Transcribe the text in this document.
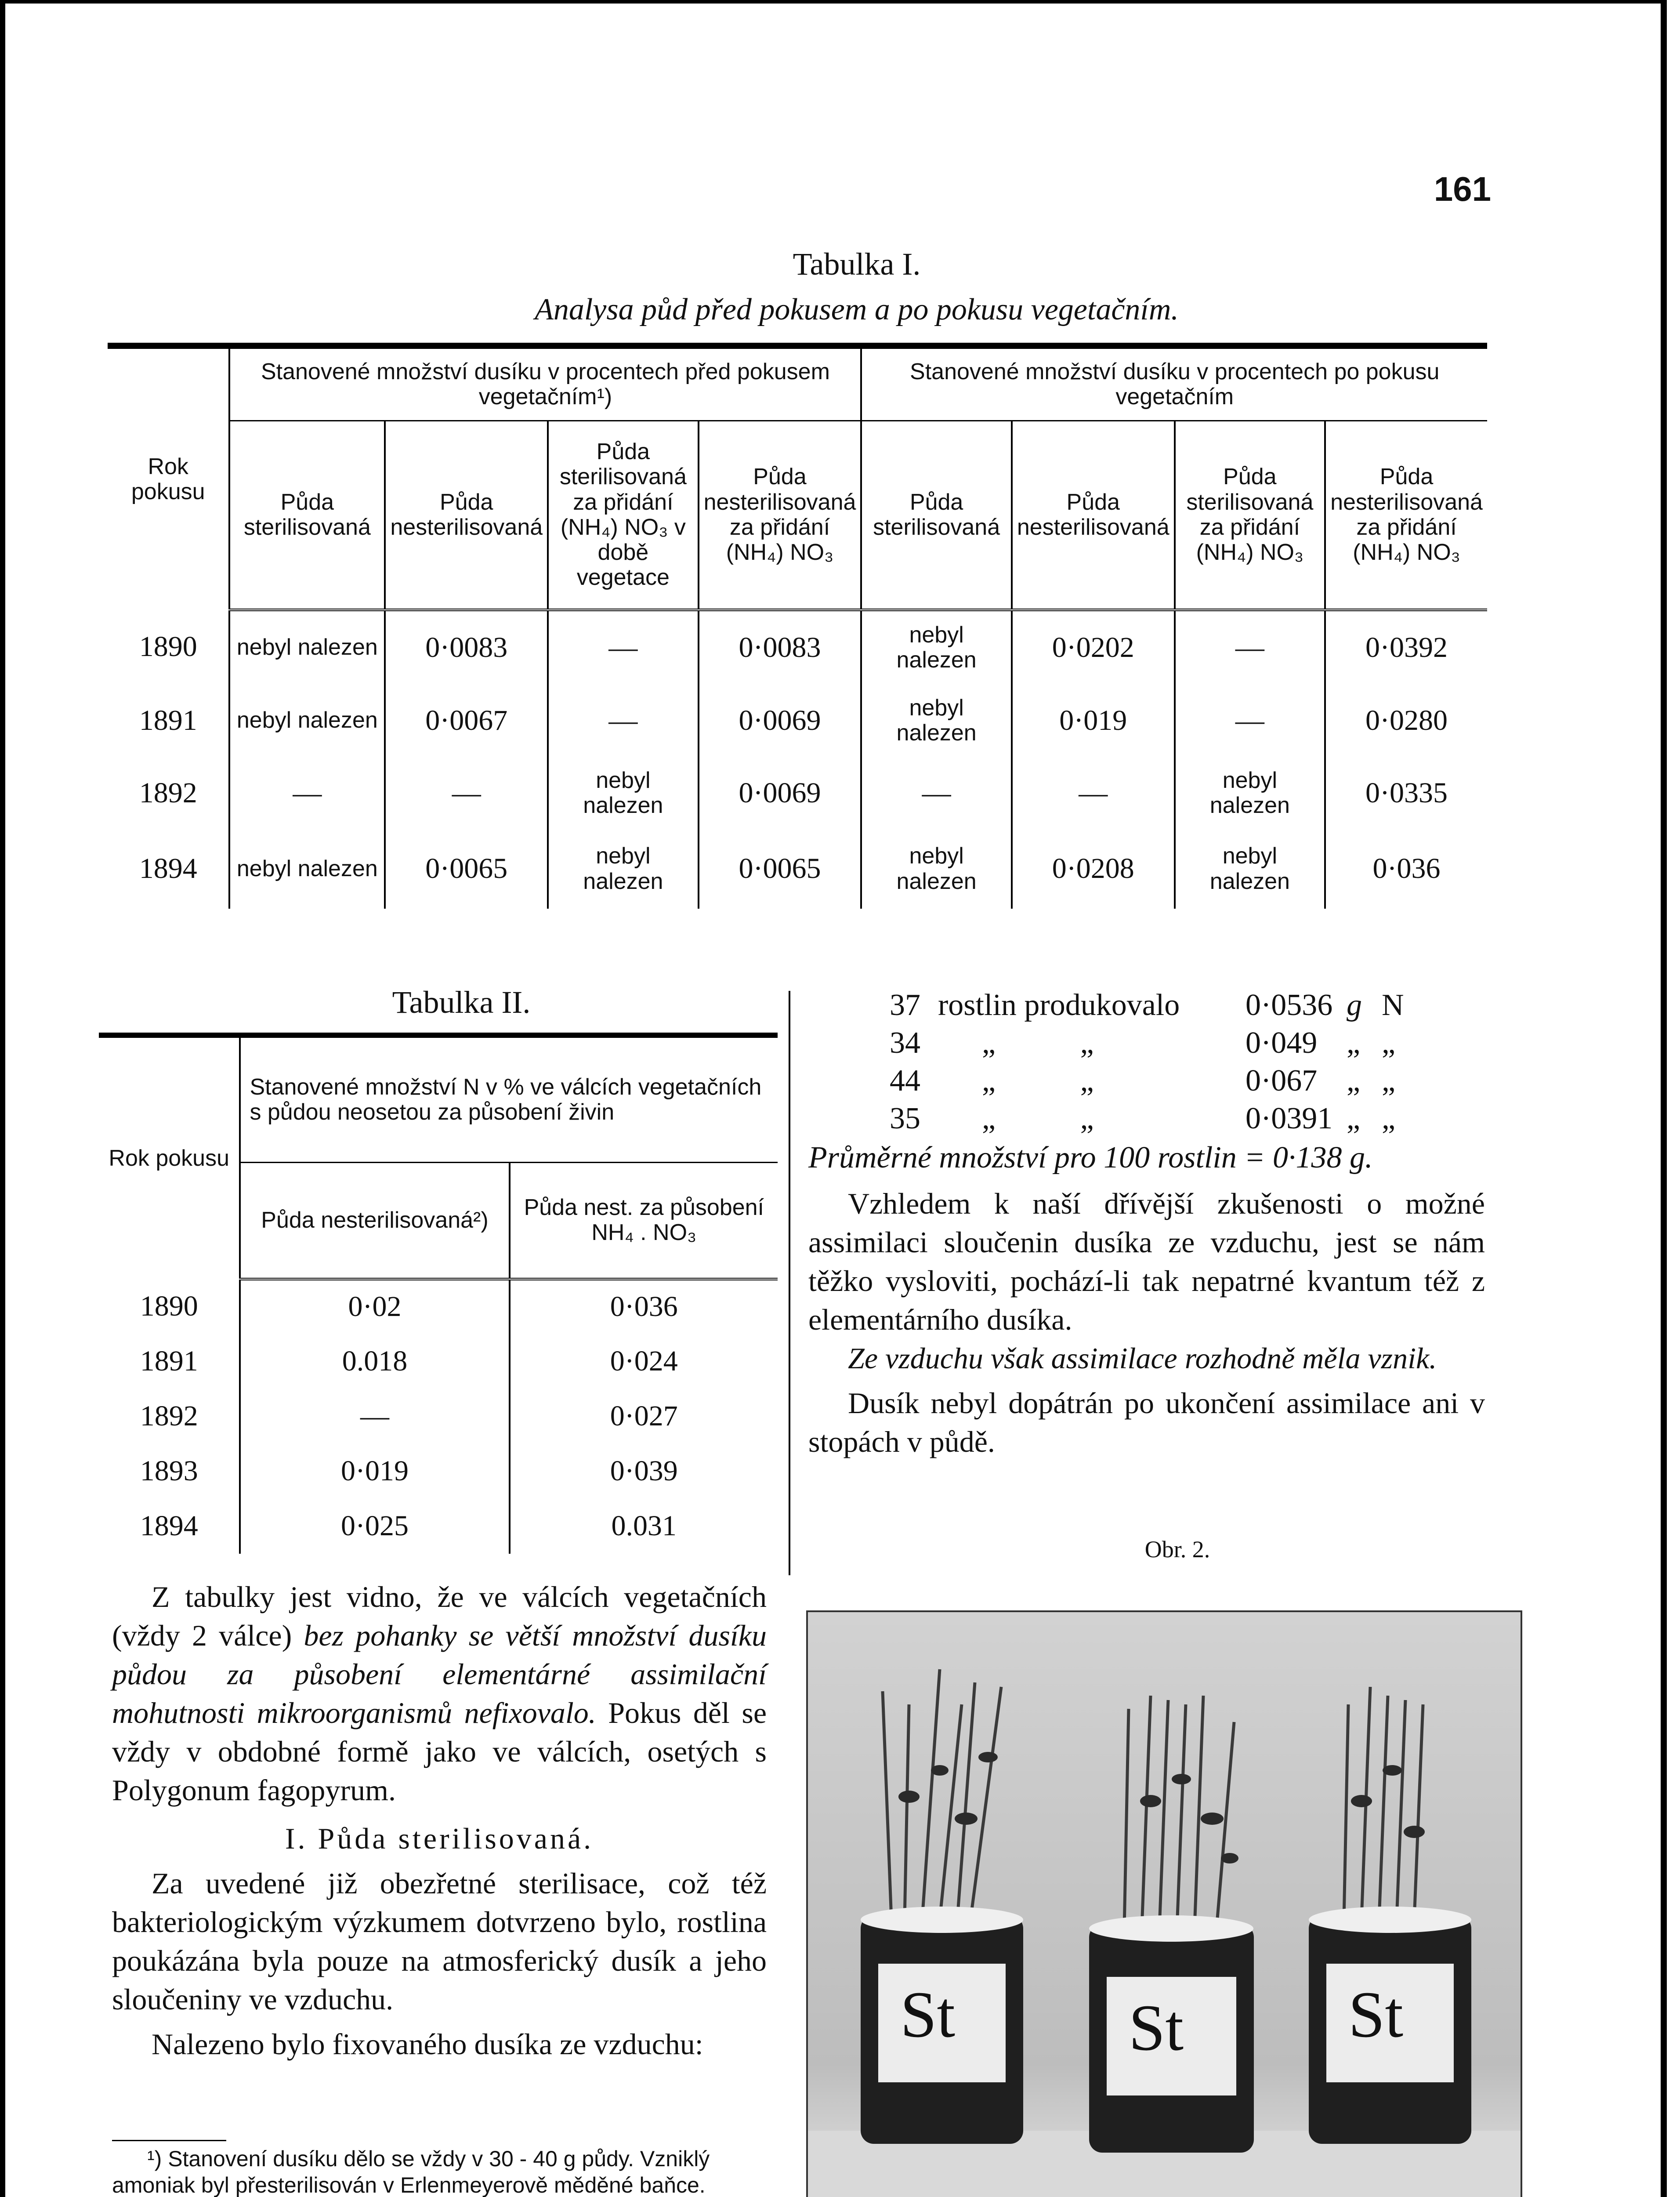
161
Tabulka I.
Analysa půd před pokusem a po pokusu vegetačním.
Rok pokusu	Stanovené množství dusíku v procentech před pokusem vegetačním¹)				Stanovené množství dusíku v procentech po pokusu vegetačním			
	Půda sterilisovaná	Půda nesterilisovaná	Půda sterilisovaná za přidání (NH₄) NO₃ v době vegetace	Půda nesterilisovaná za přidání (NH₄) NO₃	Půda sterilisovaná	Půda nesterilisovaná	Půda sterilisovaná za přidání (NH₄) NO₃	Půda nesterilisovaná za přidání (NH₄) NO₃
1890	nebyl nalezen	0·0083	—	0·0083	nebyl nalezen	0·0202	—	0·0392
1891	nebyl nalezen	0·0067	—	0·0069	nebyl nalezen	0·019	—	0·0280
1892	—	—	nebyl nalezen	0·0069	—	—	nebyl nalezen	0·0335
1894	nebyl nalezen	0·0065	nebyl nalezen	0·0065	nebyl nalezen	0·0208	nebyl nalezen	0·036
Tabulka II.
Rok pokusu	Stanovené množství N v % ve válcích vegetačních s půdou neosetou za působení živin	
	Půda nesterilisovaná²)	Půda nest. za působení NH₄ . NO₃
1890	0·02	0·036
1891	0.018	0·024
1892	—	0·027
1893	0·019	0·039
1894	0·025	0.031
37 rostlin produkovalo 0·0536 g N
34 „           „	0·049 „ „
44 „           „	0·067 „ „
35 „           „	0·0391 „ „
Průměrné množství pro 100 rostlin = 0·138 g.

Vzhledem k naší dřívější zkušenosti o možné assimilaci sloučenin dusíka ze vzduchu, jest se nám těžko vysloviti, pochází-li tak nepatrné kvantum též z elementárního dusíka.

Ze vzduchu však assimilace rozhodně měla vznik.

Dusík nebyl dopátrán po ukončení assimilace ani v stopách v půdě.

Obr. 2.
St	St St

Z tabulky jest vidno, že ve válcích vegetačních (vždy 2 válce) bez pohanky se větší množství dusíku půdou za působení elementárné assimilační mohutnosti mikroorganismů nefixovalo. Pokus děl se vždy v obdobné formě jako ve válcích, osetých s Polygonum fagopyrum.

I. Půda sterilisovaná.

Za uvedené již obezřetné sterilisace, což též bakteriologickým výzkumem dotvrzeno bylo, rostlina poukázána byla pouze na atmosferický dusík a jeho sloučeniny ve vzduchu.

Nalezeno bylo fixovaného dusíka ze vzduchu:

¹) Stanovení dusíku dělo se vždy v 30 - 40 g půdy. Vzniklý amoniak byl přesterilisován v Erlenmeyerově měděné baňce.
